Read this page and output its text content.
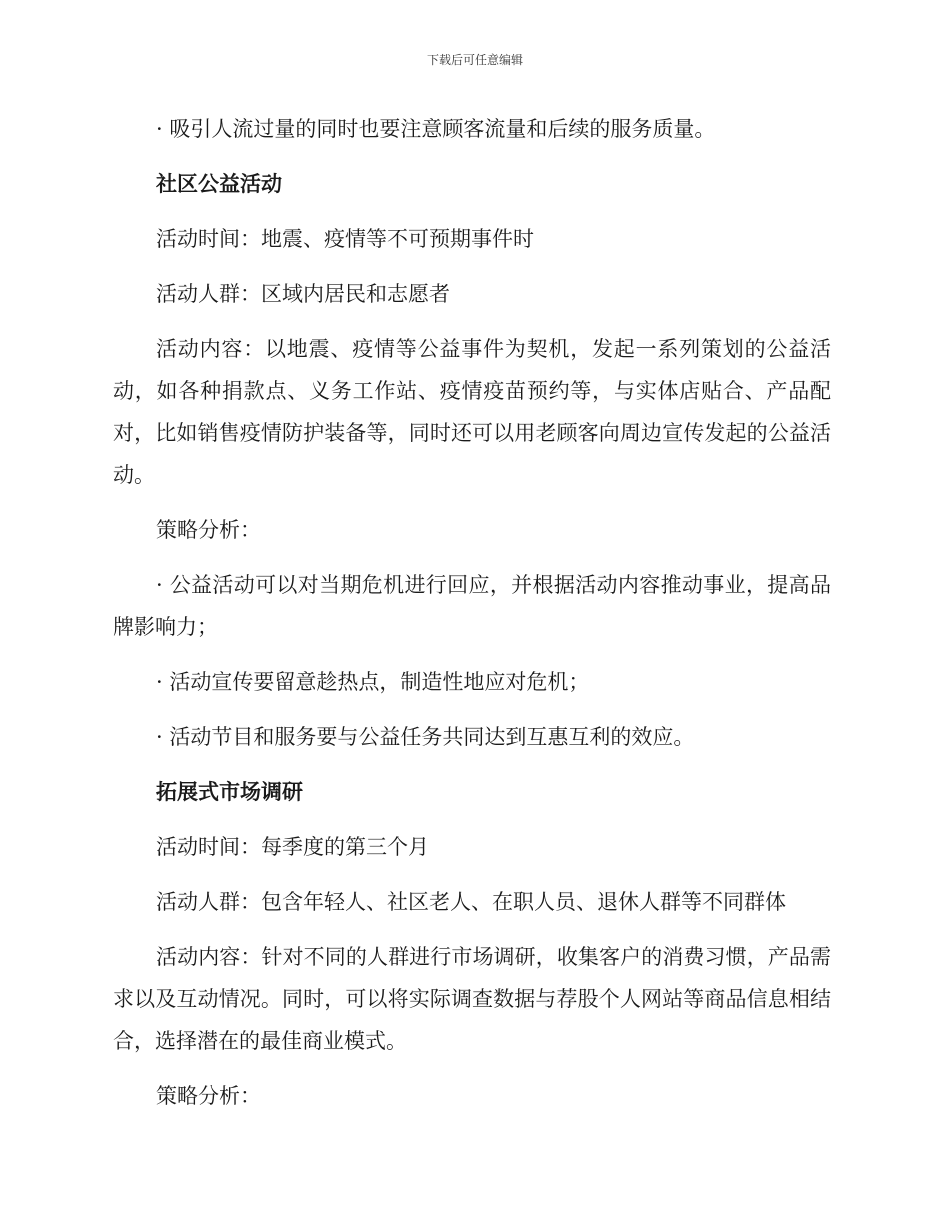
下载后可任意编辑

· 吸引人流过量的同时也要注意顾客流量和后续的服务质量。

社区公益活动

活动时间：地震、疫情等不可预期事件时

活动人群：区域内居民和志愿者

活动内容：以地震、疫情等公益事件为契机，发起一系列策划的公益活动，如各种捐款点、义务工作站、疫情疫苗预约等，与实体店贴合、产品配对，比如销售疫情防护装备等，同时还可以用老顾客向周边宣传发起的公益活动。

策略分析：

· 公益活动可以对当期危机进行回应，并根据活动内容推动事业，提高品牌影响力；

· 活动宣传要留意趁热点，制造性地应对危机；

· 活动节目和服务要与公益任务共同达到互惠互利的效应。

拓展式市场调研

活动时间：每季度的第三个月

活动人群：包含年轻人、社区老人、在职人员、退休人群等不同群体

活动内容：针对不同的人群进行市场调研，收集客户的消费习惯，产品需求以及互动情况。同时，可以将实际调查数据与荐股个人网站等商品信息相结合，选择潜在的最佳商业模式。

策略分析：
